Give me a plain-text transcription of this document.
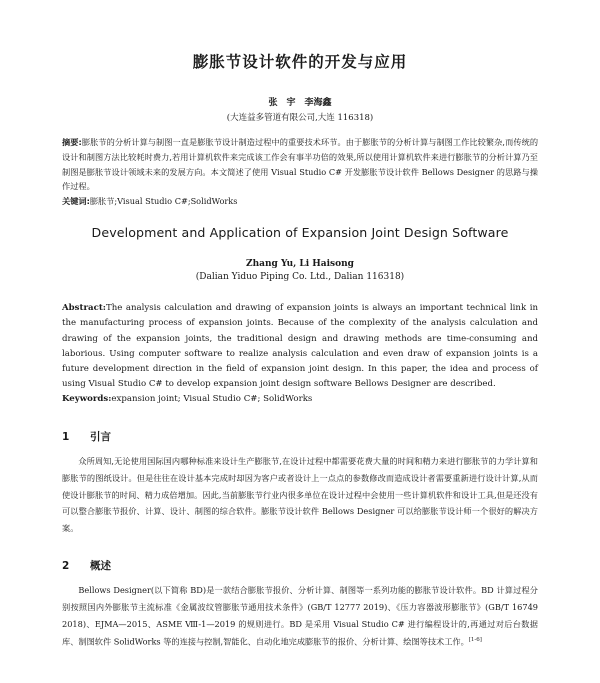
膨胀节设计软件的开发与应用
张　宇　李海鑫
(大连益多管道有限公司,大连 116318)
摘要:膨胀节的分析计算与制图一直是膨胀节设计制造过程中的重要技术环节。由于膨胀节的分析计算与制图工作比较繁杂,而传统的设计和制图方法比较耗时费力,若用计算机软件来完成该工作会有事半功倍的效果,所以使用计算机软件来进行膨胀节的分析计算乃至制图是膨胀节设计领域未来的发展方向。本文简述了使用 Visual Studio C# 开发膨胀节设计软件 Bellows Designer 的思路与操作过程。
关键词:膨胀节;Visual Studio C#;SolidWorks
Development and Application of Expansion Joint Design Software
Zhang Yu, Li Haisong
(Dalian Yiduo Piping Co. Ltd., Dalian 116318)
Abstract:The analysis calculation and drawing of expansion joints is always an important technical link in the manufacturing process of expansion joints. Because of the complexity of the analysis calculation and drawing of the expansion joints, the traditional design and drawing methods are time-consuming and laborious. Using computer software to realize analysis calculation and even draw of expansion joints is a future development direction in the field of expansion joint design. In this paper, the idea and process of using Visual Studio C# to develop expansion joint design software Bellows Designer are described.
Keywords:expansion joint; Visual Studio C#; SolidWorks
1 引言
众所周知,无论使用国际国内哪种标准来设计生产膨胀节,在设计过程中都需要花费大量的时间和精力来进行膨胀节的力学计算和膨胀节的图纸设计。但是往往在设计基本完成时却因为客户或者设计上一点点的参数修改而造成设计者需要重新进行设计计算,从而使设计膨胀节的时间、精力成倍增加。因此,当前膨胀节行业内很多单位在设计过程中会使用一些计算机软件和设计工具,但是还没有可以整合膨胀节报价、计算、设计、制图的综合软件。膨胀节设计软件 Bellows Designer 可以给膨胀节设计师一个很好的解决方案。
2 概述
Bellows Designer(以下简称 BD)是一款结合膨胀节报价、分析计算、制图等一系列功能的膨胀节设计软件。BD 计算过程分别按照国内外膨胀节主流标准《金属波纹管膨胀节通用技术条件》(GB/T 12777 2019)、《压力容器波形膨胀节》(GB/T 16749 2018)、EJMA—2015、ASME Ⅷ-1—2019 的规则进行。BD 是采用 Visual Studio C# 进行编程设计的,再通过对后台数据库、制图软件 SolidWorks 等的连接与控制,智能化、自动化地完成膨胀节的报价、分析计算、绘图等技术工作。[1-6]
